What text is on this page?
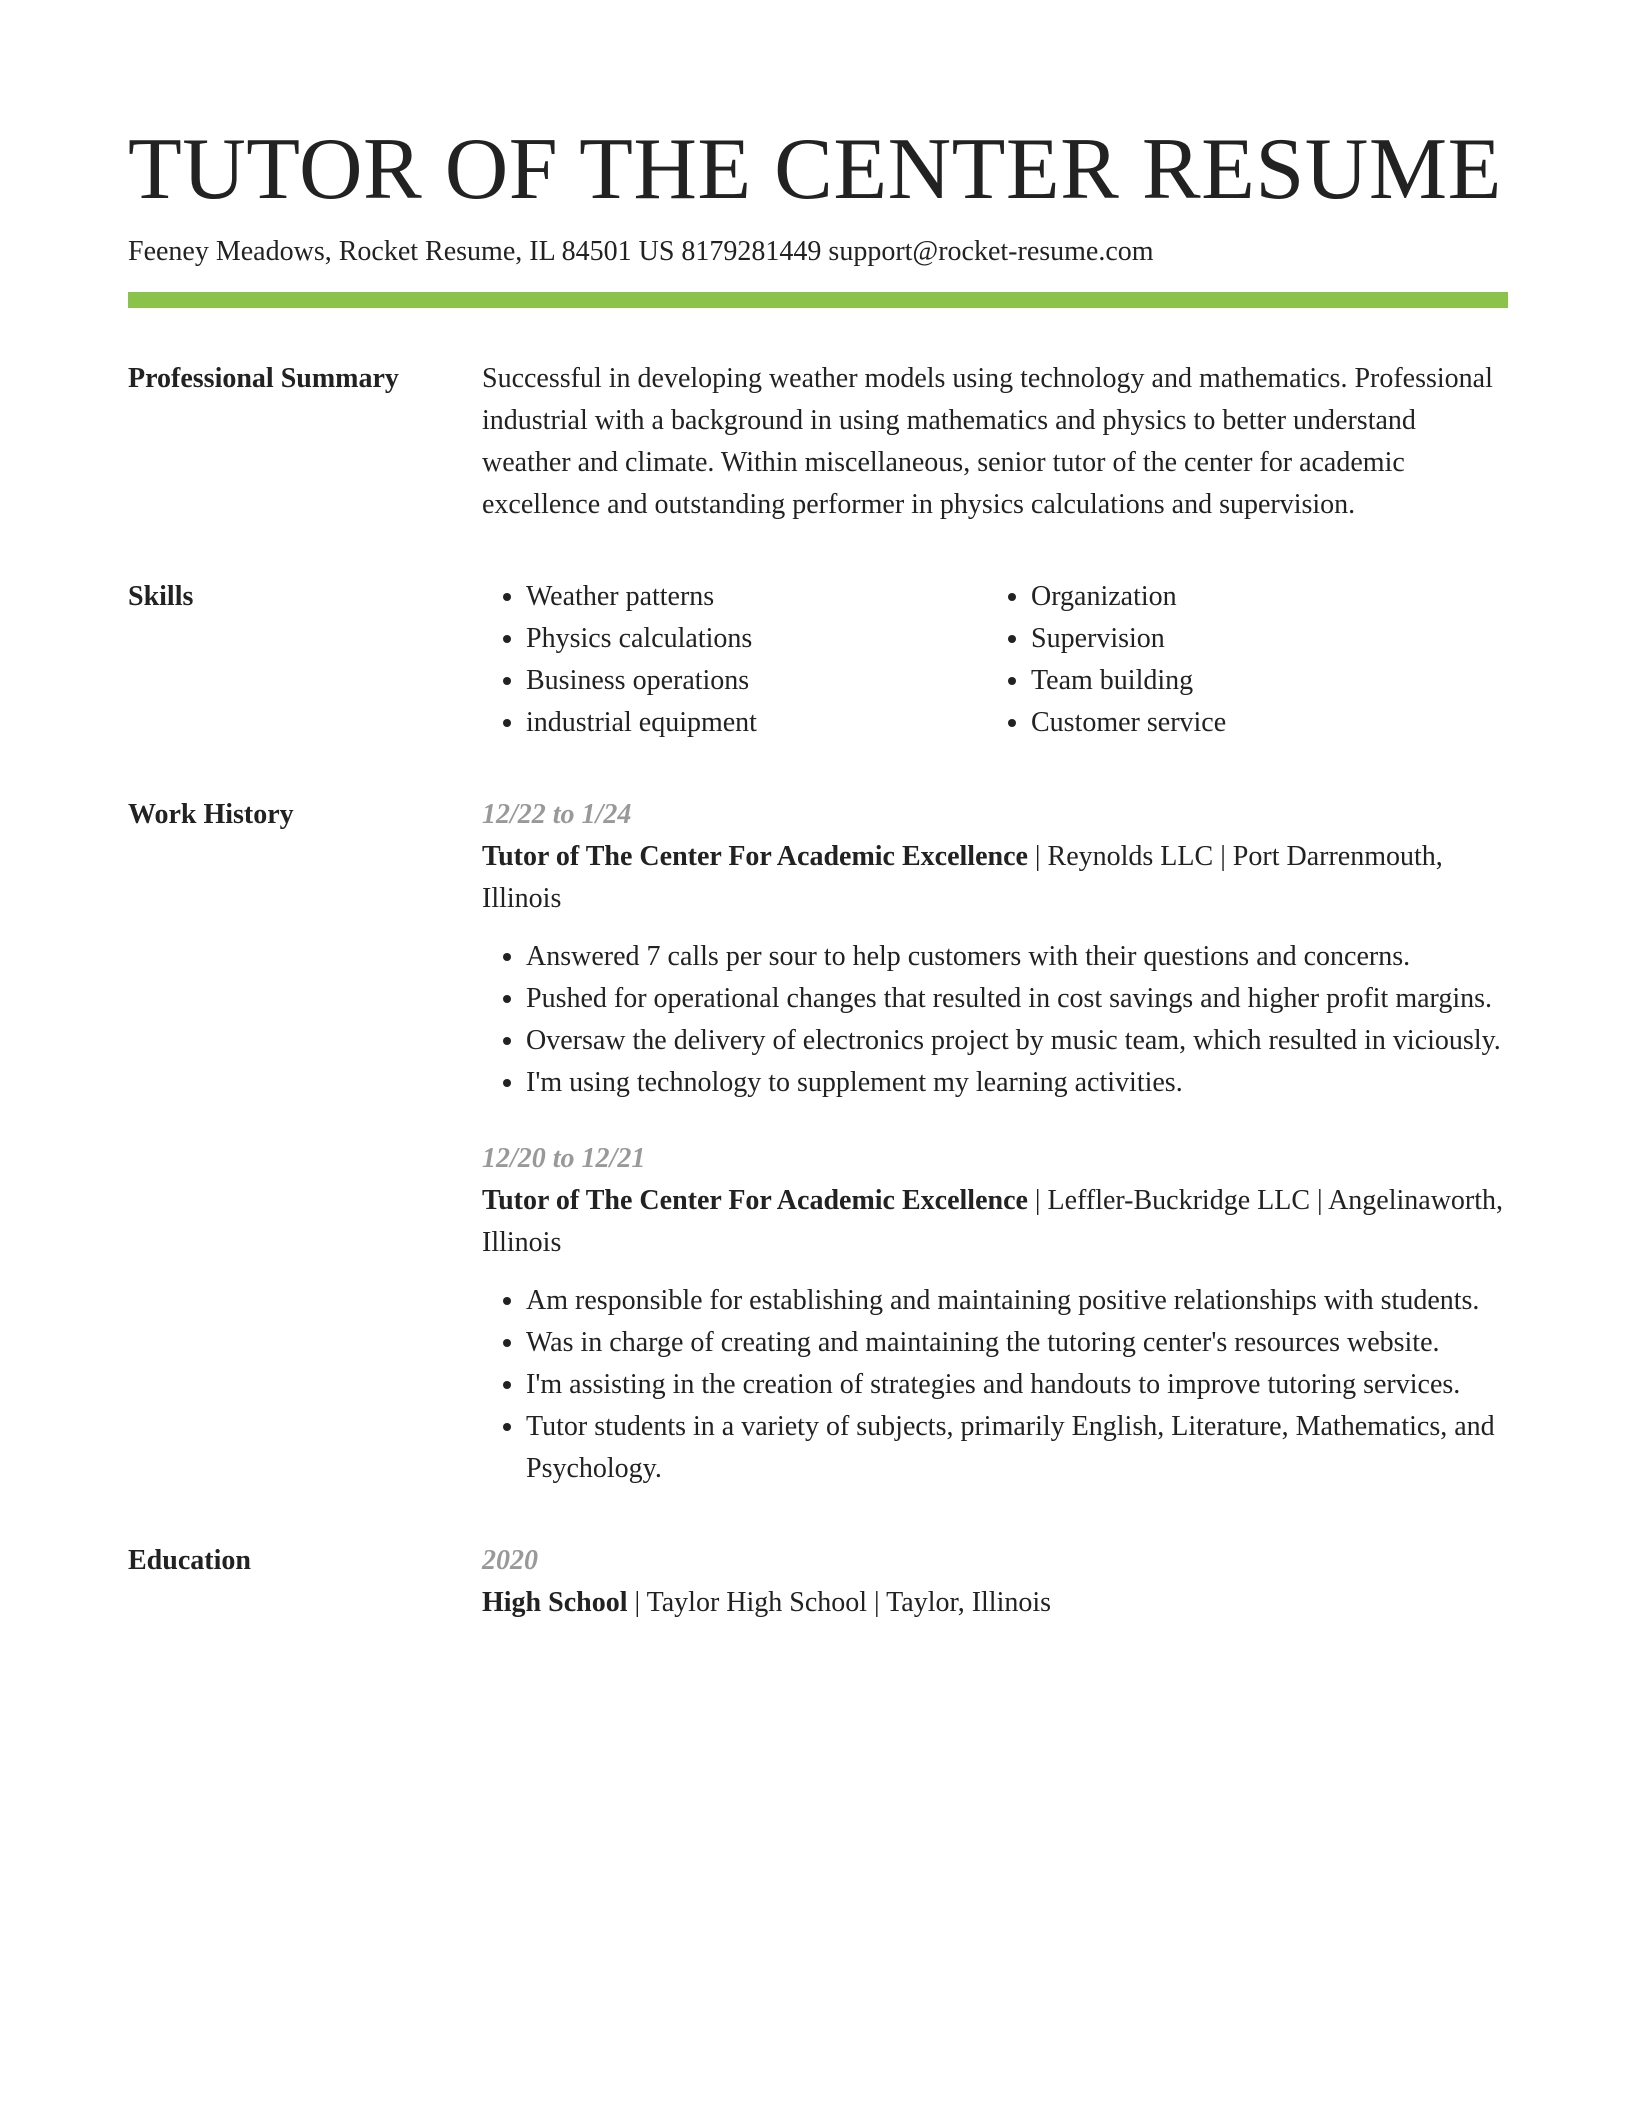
TUTOR OF THE CENTER RESUME
Feeney Meadows, Rocket Resume, IL 84501 US 8179281449 support@rocket-resume.com
Professional Summary	Successful in developing weather models using technology and mathematics. Professional industrial with a background in using mathematics and physics to better understand weather and climate. Within miscellaneous, senior tutor of the center for academic excellence and outstanding performer in physics calculations and supervision.

Skills
•	Weather patterns
• Physics calculations
• Business operations
• industrial equipment
• Organization
• Supervision
• Team building
• Customer service
Work History	12/22 to 1/24
Tutor of The Center For Academic Excellence | Reynolds LLC | Port Darrenmouth, Illinois
• Answered 7 calls per sour to help customers with their questions and concerns.
• Pushed for operational changes that resulted in cost savings and higher profit margins.
• Oversaw the delivery of electronics project by music team, which resulted in viciously.
• I'm using technology to supplement my learning activities.
12/20 to 12/21
Tutor of The Center For Academic Excellence | Leffler-Buckridge LLC | Angelinaworth, Illinois
• Am responsible for establishing and maintaining positive relationships with students.
• Was in charge of creating and maintaining the tutoring center's resources website.
• I'm assisting in the creation of strategies and handouts to improve tutoring services.
• Tutor students in a variety of subjects, primarily English, Literature, Mathematics, and Psychology.
Education	2020
High School | Taylor High School | Taylor, Illinois
